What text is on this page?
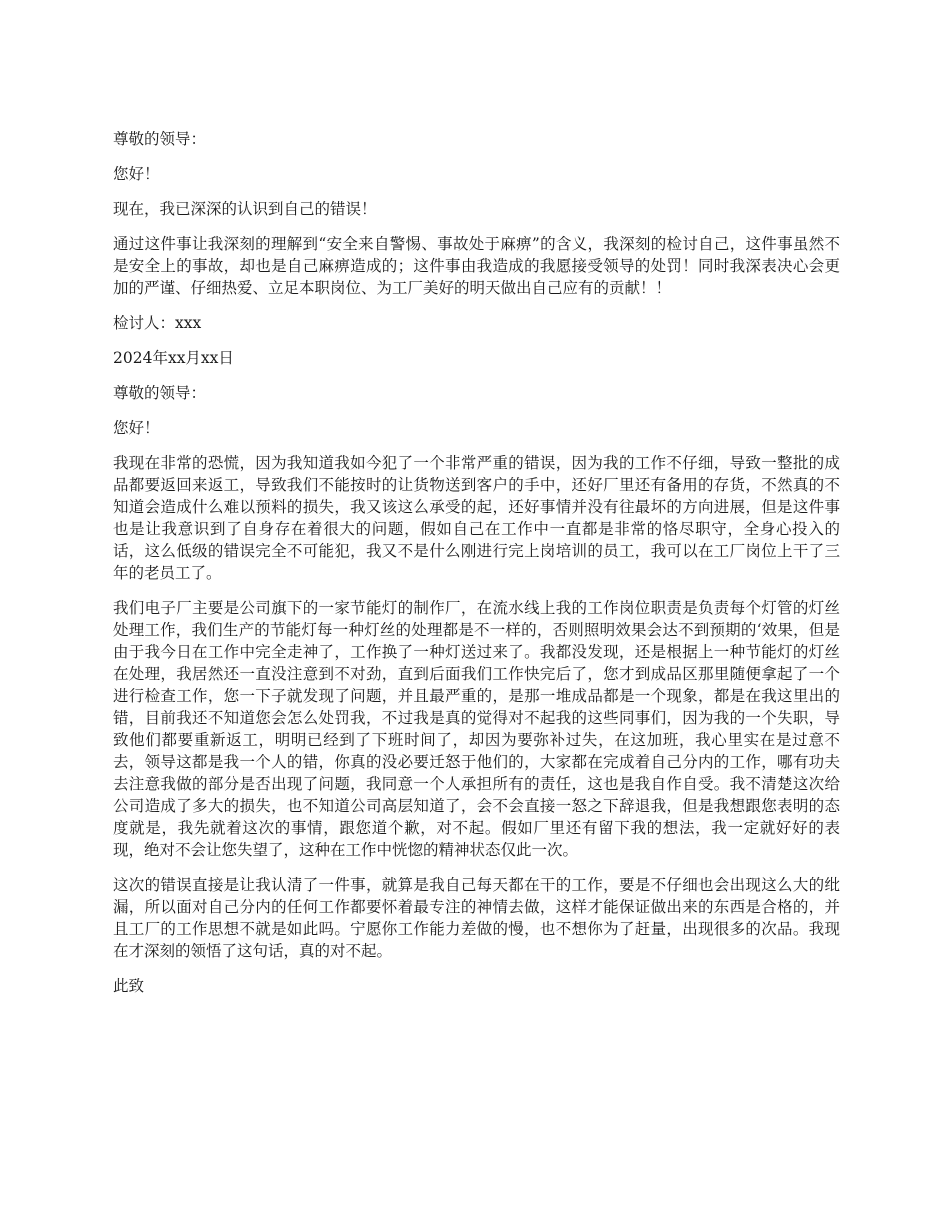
尊敬的领导：

您好！

现在，我已深深的认识到自己的错误！

通过这件事让我深刻的理解到“安全来自警惕、事故处于麻痹”的含义，我深刻的检讨自己，这件事虽然不是安全上的事故，却也是自己麻痹造成的；这件事由我造成的我愿接受领导的处罚！同时我深表决心会更加的严谨、仔细热爱、立足本职岗位、为工厂美好的明天做出自己应有的贡献！！

检讨人：xxx

2024年xx月xx日

尊敬的领导：

您好！

我现在非常的恐慌，因为我知道我如今犯了一个非常严重的错误，因为我的工作不仔细，导致一整批的成品都要返回来返工，导致我们不能按时的让货物送到客户的手中，还好厂里还有备用的存货，不然真的不知道会造成什么难以预料的损失，我又该这么承受的起，还好事情并没有往最坏的方向进展，但是这件事也是让我意识到了自身存在着很大的问题，假如自己在工作中一直都是非常的恪尽职守，全身心投入的话，这么低级的错误完全不可能犯，我又不是什么刚进行完上岗培训的员工，我可以在工厂岗位上干了三年的老员工了。

我们电子厂主要是公司旗下的一家节能灯的制作厂，在流水线上我的工作岗位职责是负责每个灯管的灯丝处理工作，我们生产的节能灯每一种灯丝的处理都是不一样的，否则照明效果会达不到预期的‘效果，但是由于我今日在工作中完全走神了，工作换了一种灯送过来了。我都没发现，还是根据上一种节能灯的灯丝在处理，我居然还一直没注意到不对劲，直到后面我们工作快完后了，您才到成品区那里随便拿起了一个进行检查工作，您一下子就发现了问题，并且最严重的，是那一堆成品都是一个现象，都是在我这里出的错，目前我还不知道您会怎么处罚我，不过我是真的觉得对不起我的这些同事们，因为我的一个失职，导致他们都要重新返工，明明已经到了下班时间了，却因为要弥补过失，在这加班，我心里实在是过意不去，领导这都是我一个人的错，你真的没必要迁怒于他们的，大家都在完成着自己分内的工作，哪有功夫去注意我做的部分是否出现了问题，我同意一个人承担所有的责任，这也是我自作自受。我不清楚这次给公司造成了多大的损失，也不知道公司高层知道了，会不会直接一怒之下辞退我，但是我想跟您表明的态度就是，我先就着这次的事情，跟您道个歉，对不起。假如厂里还有留下我的想法，我一定就好好的表现，绝对不会让您失望了，这种在工作中恍惚的精神状态仅此一次。

这次的错误直接是让我认清了一件事，就算是我自己每天都在干的工作，要是不仔细也会出现这么大的纰漏，所以面对自己分内的任何工作都要怀着最专注的神情去做，这样才能保证做出来的东西是合格的，并且工厂的工作思想不就是如此吗。宁愿你工作能力差做的慢，也不想你为了赶量，出现很多的次品。我现在才深刻的领悟了这句话，真的对不起。

此致
